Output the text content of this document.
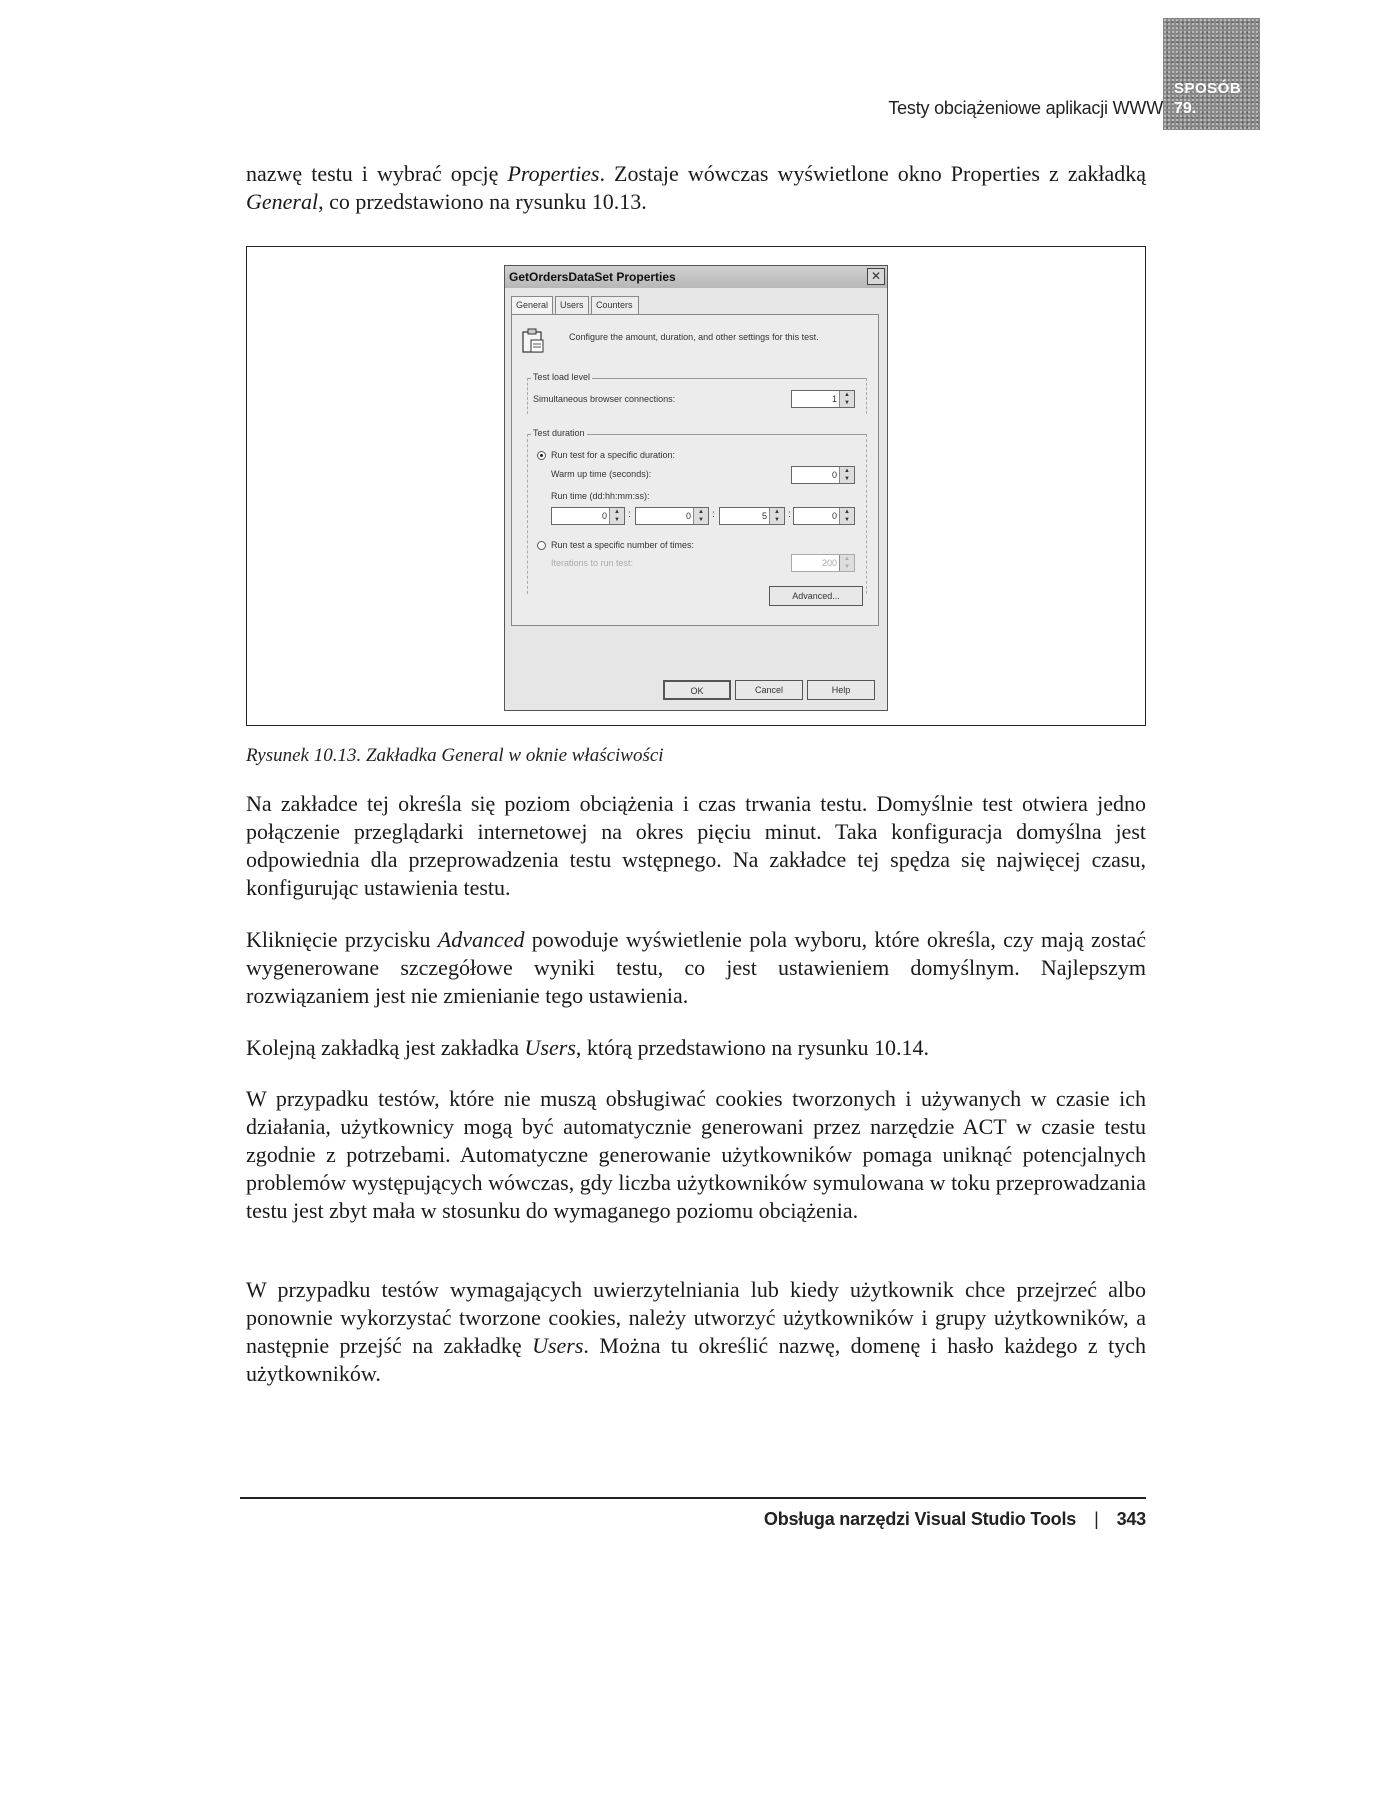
Testy obciążeniowe aplikacji WWW
SPOSÓB
79.

nazwę testu i wybrać opcję Properties. Zostaje wówczas wyświetlone okno Properties z zakładką General, co przedstawiono na rysunku 10.13.

GetOrdersDataSet Properties	✕
General	Users	Counters
Configure the amount, duration, and other settings for this test.
Test load level
Simultaneous browser connections:	1	▲
▼
Test duration
Run test for a specific duration:
Warm up time (seconds):	0	▲
▼
Run time (dd:hh:mm:ss):
0	▲
▼ :	0	▲
▼ :	5	▲
▼ :	0	▲
▼
Run test a specific number of times:
Iterations to run test:	200	▲
▼
Advanced...
OK	Cancel	Help
Rysunek 10.13. Zakładka General w oknie właściwości

Na zakładce tej określa się poziom obciążenia i czas trwania testu. Domyślnie test otwiera jedno połączenie przeglądarki internetowej na okres pięciu minut. Taka konfiguracja domyślna jest odpowiednia dla przeprowadzenia testu wstępnego. Na zakładce tej spędza się najwięcej czasu, konfigurując ustawienia testu.

Kliknięcie przycisku Advanced powoduje wyświetlenie pola wyboru, które określa, czy mają zostać wygenerowane szczegółowe wyniki testu, co jest ustawieniem domyślnym. Najlepszym rozwiązaniem jest nie zmienianie tego ustawienia.

Kolejną zakładką jest zakładka Users, którą przedstawiono na rysunku 10.14.

W przypadku testów, które nie muszą obsługiwać cookies tworzonych i używanych w czasie ich działania, użytkownicy mogą być automatycznie generowani przez narzędzie ACT w czasie testu zgodnie z potrzebami. Automatyczne generowanie użytkowników pomaga uniknąć potencjalnych problemów występujących wówczas, gdy liczba użytkowników symulowana w toku przeprowadzania testu jest zbyt mała w stosunku do wymaganego poziomu obciążenia.

W przypadku testów wymagających uwierzytelniania lub kiedy użytkownik chce przejrzeć albo ponownie wykorzystać tworzone cookies, należy utworzyć użytkowników i grupy użytkowników, a następnie przejść na zakładkę Users. Można tu określić nazwę, domenę i hasło każdego z tych użytkowników.

Obsługa narzędzi Visual Studio Tools | 343
